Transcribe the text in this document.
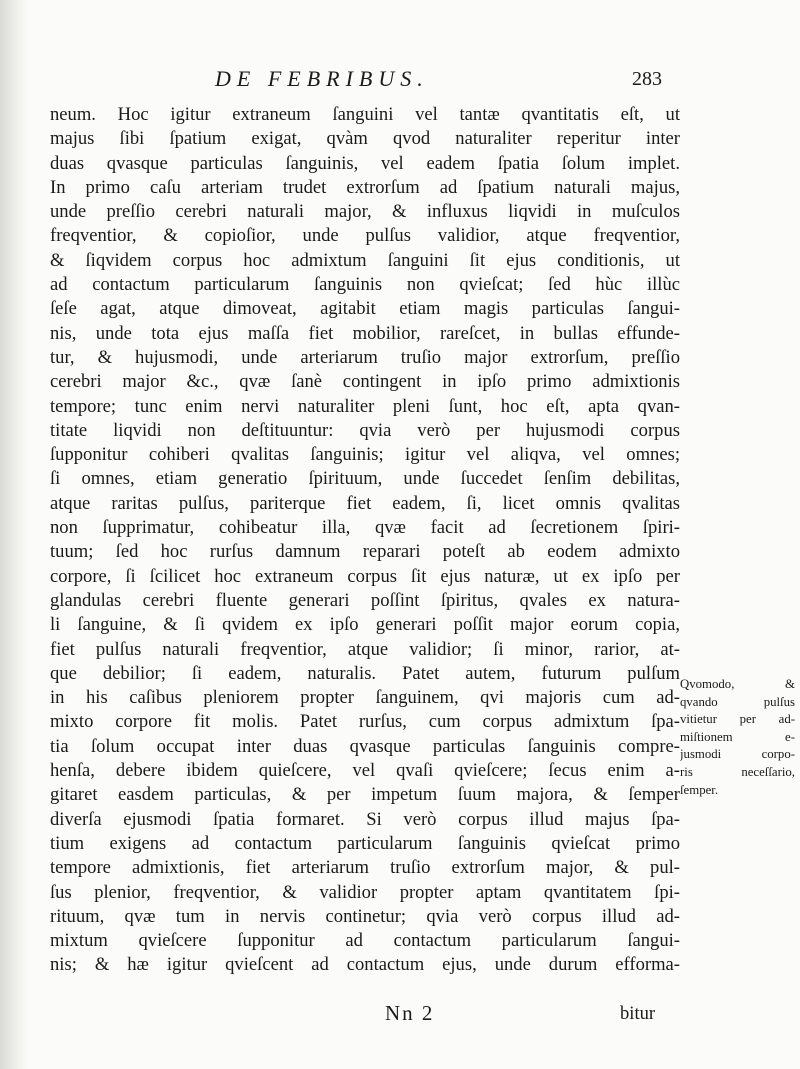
DE FEBRIBUS.	283
neum. Hoc igitur extraneum ſanguini vel tantæ qvantitatis eſt, ut
majus ſibi ſpatium exigat, qvàm qvod naturaliter reperitur inter
duas qvasque particulas ſanguinis, vel eadem ſpatia ſolum implet.
In primo caſu arteriam trudet extrorſum ad ſpatium naturali majus,
unde preſſio cerebri naturali major, & influxus liqvidi in muſculos
freqventior, & copioſior, unde pulſus validior, atque freqventior,
& ſiqvidem corpus hoc admixtum ſanguini ſit ejus conditionis, ut
ad contactum particularum ſanguinis non qvieſcat; ſed hùc illùc
ſeſe agat, atque dimoveat, agitabit etiam magis particulas ſangui-
nis, unde tota ejus maſſa fiet mobilior, rareſcet, in bullas effunde-
tur, & hujusmodi, unde arteriarum truſio major extrorſum, preſſio
cerebri major &c., qvæ ſanè contingent in ipſo primo admixtionis
tempore; tunc enim nervi naturaliter pleni ſunt, hoc eſt, apta qvan-
titate liqvidi non deſtituuntur: qvia verò per hujusmodi corpus
ſupponitur cohiberi qvalitas ſanguinis; igitur vel aliqva, vel omnes;
ſi omnes, etiam generatio ſpirituum, unde ſuccedet ſenſim debilitas,
atque raritas pulſus, pariterque fiet eadem, ſi, licet omnis qvalitas
non ſupprimatur, cohibeatur illa, qvæ facit ad ſecretionem ſpiri-
tuum; ſed hoc rurſus damnum reparari poteſt ab eodem admixto
corpore, ſi ſcilicet hoc extraneum corpus ſit ejus naturæ, ut ex ipſo per
glandulas cerebri fluente generari poſſint ſpiritus, qvales ex natura-
li ſanguine, & ſi qvidem ex ipſo generari poſſit major eorum copia,
fiet pulſus naturali freqventior, atque validior; ſi minor, rarior, at-
que debilior; ſi eadem, naturalis. Patet autem, futurum pulſum
in his caſibus pleniorem propter ſanguinem, qvi majoris cum ad-
mixto corpore fit molis. Patet rurſus, cum corpus admixtum ſpa-
tia ſolum occupat inter duas qvasque particulas ſanguinis compre-
henſa, debere ibidem quieſcere, vel qvaſi qvieſcere; ſecus enim a-
gitaret easdem particulas, & per impetum ſuum majora, & ſemper
diverſa ejusmodi ſpatia formaret. Si verò corpus illud majus ſpa-
tium exigens ad contactum particularum ſanguinis qvieſcat primo
tempore admixtionis, fiet arteriarum truſio extrorſum major, & pul-
ſus plenior, freqventior, & validior propter aptam qvantitatem ſpi-
rituum, qvæ tum in nervis continetur; qvia verò corpus illud ad-
mixtum qvieſcere ſupponitur ad contactum particularum ſangui-
nis; & hæ igitur qvieſcent ad contactum ejus, unde durum efforma-
Qvomodo, &
qvando pulſus
vitietur per ad-
miſtionem e-
jusmodi corpo-
ris neceſſario,
ſemper.
Nn 2	bitur
